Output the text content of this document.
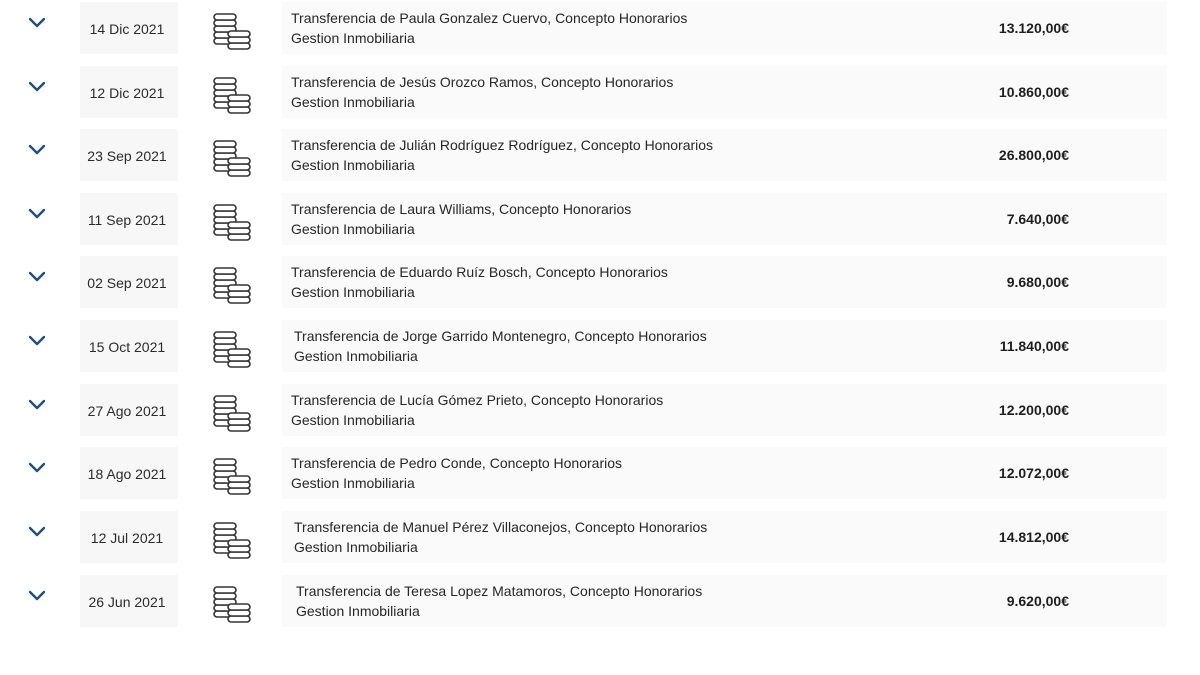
14 Dic 2021
Transferencia de Paula Gonzalez Cuervo, Concepto Honorarios
Gestion Inmobiliaria
13.120,00€
12 Dic 2021
Transferencia de Jesús Orozco Ramos, Concepto Honorarios
Gestion Inmobiliaria
10.860,00€
23 Sep 2021
Transferencia de Julián Rodríguez Rodríguez, Concepto Honorarios
Gestion Inmobiliaria
26.800,00€
11 Sep 2021
Transferencia de Laura Williams, Concepto Honorarios
Gestion Inmobiliaria
7.640,00€
02 Sep 2021
Transferencia de Eduardo Ruíz Bosch, Concepto Honorarios
Gestion Inmobiliaria
9.680,00€
15 Oct 2021
Transferencia de Jorge Garrido Montenegro, Concepto Honorarios
Gestion Inmobiliaria
11.840,00€
27 Ago 2021
Transferencia de Lucía Gómez Prieto, Concepto Honorarios
Gestion Inmobiliaria
12.200,00€
18 Ago 2021
Transferencia de Pedro Conde, Concepto Honorarios
Gestion Inmobiliaria
12.072,00€
12 Jul 2021
Transferencia de Manuel Pérez Villaconejos, Concepto Honorarios
Gestion Inmobiliaria
14.812,00€
26 Jun 2021
Transferencia de Teresa Lopez Matamoros, Concepto Honorarios
Gestion Inmobiliaria
9.620,00€
